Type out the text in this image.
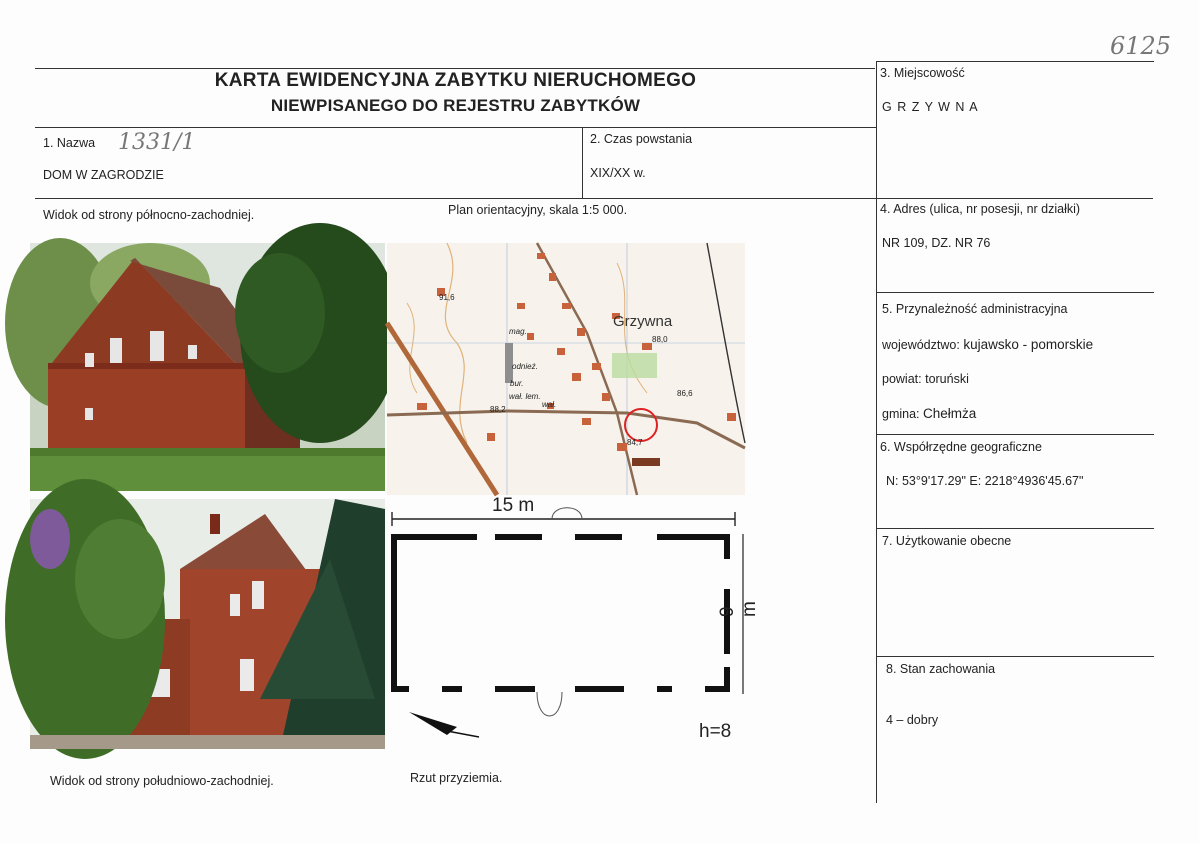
6125
KARTA EWIDENCYJNA ZABYTKU NIERUCHOMEGO
NIEWPISANEGO DO REJESTRU ZABYTKÓW
1. Nazwa 1331/1
DOM W ZAGRODZIE
2. Czas powstania
XIX/XX w.
3. Miejscowość
G R Z Y W N A
4. Adres (ulica, nr posesji, nr działki)
NR 109, DZ. NR 76
5. Przynależność administracyjna
województwo: kujawsko - pomorskie
powiat: toruński
gmina: Chełmża
6. Współrzędne geograficzne
N: 53°9'17.29" E: 2218°4936'45.67"
7. Użytkowanie obecne
8. Stan zachowania
4 – dobry
Widok od strony północno-zachodniej.	Plan orientacyjny, skala 1:5 000.
Widok od strony południowo-zachodniej.	Rzut przyziemia.
Grzywna
91,6
88,0
86,6
88,2
84,7
mag.
odnież.
bur.
wał.
wał. lem.
15 m
9 m
h=8
